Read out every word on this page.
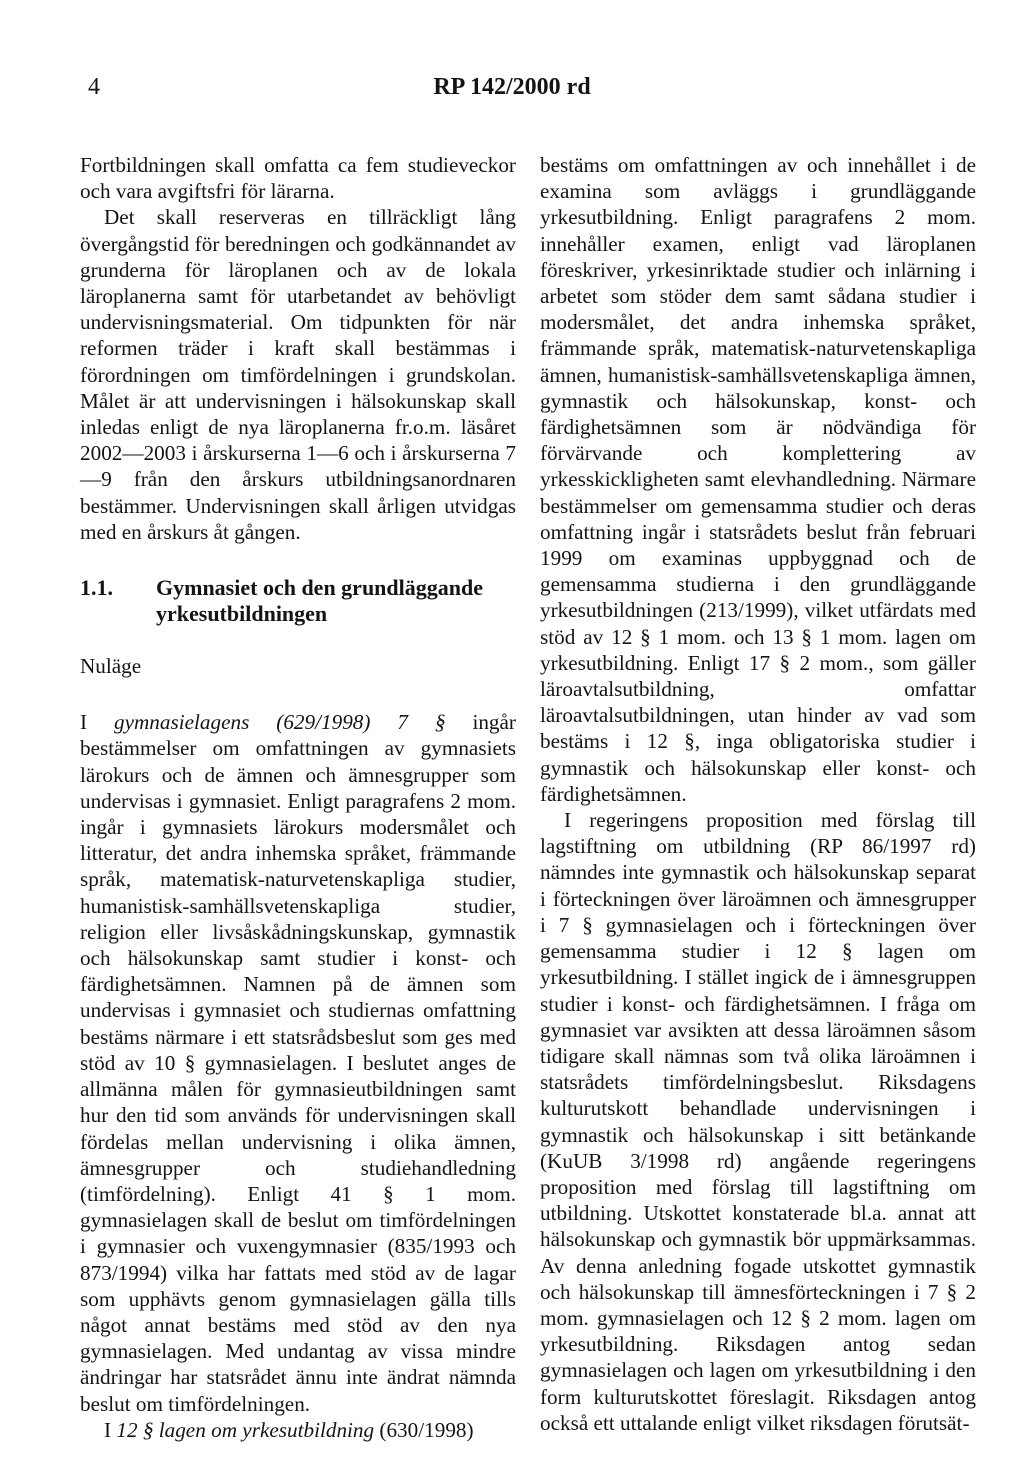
4	RP 142/2000 rd

Fortbildningen skall omfatta ca fem studieveckor och vara avgiftsfri för lärarna.

Det skall reserveras en tillräckligt lång övergångstid för beredningen och godkännandet av grunderna för läroplanen och av de lokala läroplanerna samt för utarbetandet av behövligt undervisningsmaterial. Om tidpunkten för när reformen träder i kraft skall bestämmas i förordningen om timfördelningen i grundskolan. Målet är att undervisningen i hälsokunskap skall inledas enligt de nya läroplanerna fr.o.m. läsåret 2002—2003 i årskurserna 1—6 och i årskurserna 7—9 från den årskurs utbildningsanordnaren bestämmer. Undervisningen skall årligen utvidgas med en årskurs åt gången.

1.1.	Gymnasiet och den grundläggande yrkesutbildningen

Nuläge

I gymnasielagens (629/1998) 7 § ingår bestämmelser om omfattningen av gymnasiets lärokurs och de ämnen och ämnesgrupper som undervisas i gymnasiet. Enligt paragrafens 2 mom. ingår i gymnasiets lärokurs modersmålet och litteratur, det andra inhemska språket, främmande språk, matematisk-naturvetenskapliga studier, humanistisk-samhällsvetenskapliga studier, religion eller livsåskådningskunskap, gymnastik och hälsokunskap samt studier i konst- och färdighetsämnen. Namnen på de ämnen som undervisas i gymnasiet och studiernas omfattning bestäms närmare i ett statsrådsbeslut som ges med stöd av 10 § gymnasielagen. I beslutet anges de allmänna målen för gymnasieutbildningen samt hur den tid som används för undervisningen skall fördelas mellan undervisning i olika ämnen, ämnesgrupper och studiehandledning (timfördelning). Enligt 41 § 1 mom. gymnasielagen skall de beslut om timfördelningen i gymnasier och vuxengymnasier (835/1993 och 873/1994) vilka har fattats med stöd av de lagar som upphävts genom gymnasielagen gälla tills något annat bestäms med stöd av den nya gymnasielagen. Med undantag av vissa mindre ändringar har statsrådet ännu inte ändrat nämnda beslut om timfördelningen.

I 12 § lagen om yrkesutbildning (630/1998)

bestäms om omfattningen av och innehållet i de examina som avläggs i grundläggande yrkesutbildning. Enligt paragrafens 2 mom. innehåller examen, enligt vad läroplanen föreskriver, yrkesinriktade studier och inlärning i arbetet som stöder dem samt sådana studier i modersmålet, det andra inhemska språket, främmande språk, matematisk-naturvetenskapliga ämnen, humanistisk-samhällsvetenskapliga ämnen, gymnastik och hälsokunskap, konst- och färdighetsämnen som är nödvändiga för förvärvande och komplettering av yrkesskickligheten samt elevhandledning. Närmare bestämmelser om gemensamma studier och deras omfattning ingår i statsrådets beslut från februari 1999 om examinas uppbyggnad och de gemensamma studierna i den grundläggande yrkesutbildningen (213/1999), vilket utfärdats med stöd av 12 § 1 mom. och 13 § 1 mom. lagen om yrkesutbildning. Enligt 17 § 2 mom., som gäller läroavtalsutbildning, omfattar läroavtalsutbildningen, utan hinder av vad som bestäms i 12 §, inga obligatoriska studier i gymnastik och hälsokunskap eller konst- och färdighetsämnen.

I regeringens proposition med förslag till lagstiftning om utbildning (RP 86/1997 rd) nämndes inte gymnastik och hälsokunskap separat i förteckningen över läroämnen och ämnesgrupper i 7 § gymnasielagen och i förteckningen över gemensamma studier i 12 § lagen om yrkesutbildning. I stället ingick de i ämnesgruppen studier i konst- och färdighetsämnen. I fråga om gymnasiet var avsikten att dessa läroämnen såsom tidigare skall nämnas som två olika läroämnen i statsrådets timfördelningsbeslut. Riksdagens kulturutskott behandlade undervisningen i gymnastik och hälsokunskap i sitt betänkande (KuUB 3/1998 rd) angående regeringens proposition med förslag till lagstiftning om utbildning. Utskottet konstaterade bl.a. annat att hälsokunskap och gymnastik bör uppmärksammas. Av denna anledning fogade utskottet gymnastik och hälsokunskap till ämnesförteckningen i 7 § 2 mom. gymnasielagen och 12 § 2 mom. lagen om yrkesutbildning. Riksdagen antog sedan gymnasielagen och lagen om yrkesutbildning i den form kulturutskottet föreslagit. Riksdagen antog också ett uttalande enligt vilket riksdagen förutsät-
